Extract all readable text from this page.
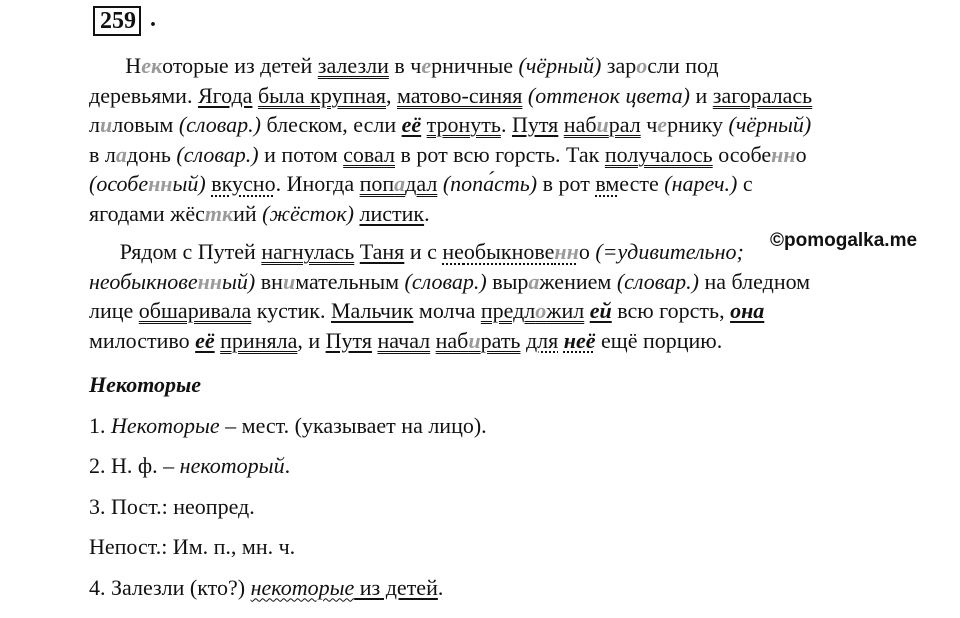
259 .

Некоторые из детей залезли в черничные (чёрный) заросли под
деревьями. Ягода была крупная, матово-синяя (оттенок цвета) и загоралась
лиловым (словар.) блеском, если её тронуть. Путя набирал чернику (чёрный)
в ладонь (словар.) и потом совал в рот всю горсть. Так получалось особенно
(особенный) вкусно. Иногда попадал (попа́сть) в рот вместе (нареч.) с
ягодами жёсткий (жёсток) листик.

Рядом с Путей нагнулась Таня и с необыкновенно (=удивительно;
необыкновенный) внимательным (словар.) выражением (словар.) на бледном
лице обшаривала кустик. Мальчик молча предложил ей всю горсть, она
милостиво её приняла, и Путя начал набирать для неё ещё порцию.

©pomogalka.me
Некоторые
1. Некоторые – мест. (указывает на лицо).
2. Н. ф. – некоторый.
3. Пост.: неопред.
Непост.: Им. п., мн. ч.
4. Залезли (кто?) некоторые из детей.
